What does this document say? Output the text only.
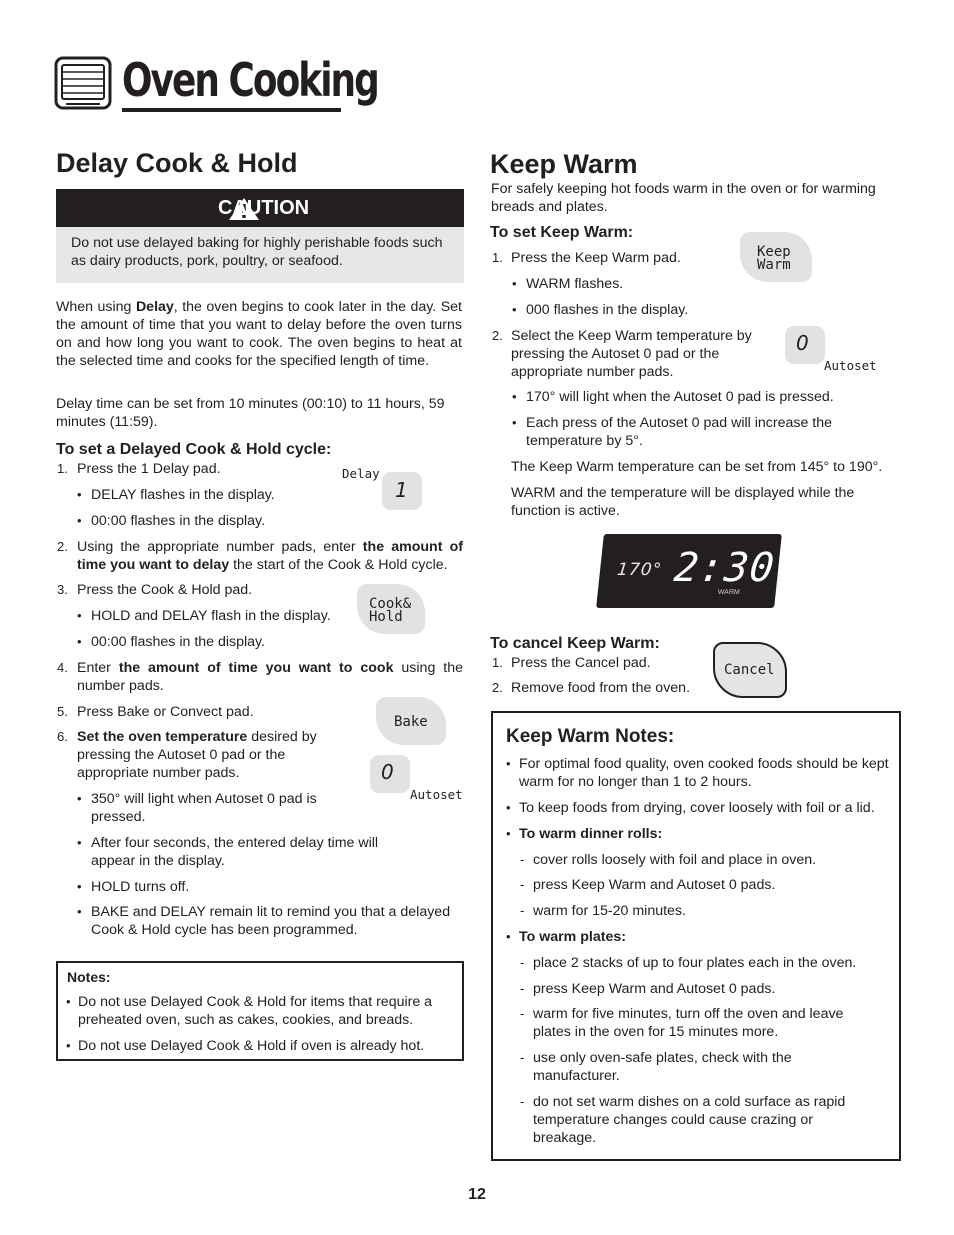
Oven Cooking
Delay Cook & Hold
CAUTION

Do not use delayed baking for highly perishable foods such as dairy products, pork, poultry, or seafood.

When using Delay, the oven begins to cook later in the day. Set the amount of time that you want to delay before the oven turns on and how long you want to cook. The oven begins to heat at the selected time and cooks for the specified length of time.

Delay time can be set from 10 minutes (00:10) to 11 hours, 59 minutes (11:59).

To set a Delayed Cook & Hold cycle:
1. Press the 1 Delay pad.

• DELAY flashes in the display.

• 00:00 flashes in the display.

2. Using the appropriate number pads, enter the amount of time you want to delay the start of the Cook & Hold cycle.

3. Press the Cook & Hold pad.

• HOLD and DELAY flash in the display.

• 00:00 flashes in the display.

4. Enter the amount of time you want to cook using the number pads.

5. Press Bake or Convect pad.

6. Set the oven temperature desired by pressing the Autoset 0 pad or the appropriate number pads.

• 350° will light when Autoset 0 pad is pressed.

• After four seconds, the entered delay time will appear in the display.

• HOLD turns off.

• BAKE and DELAY remain lit to remind you that a delayed Cook & Hold cycle has been programmed.

Delay
1
Cook&
Hold
Bake
0
Autoset
Notes:
• Do not use Delayed Cook & Hold for items that require a preheated oven, such as cakes, cookies, and breads.

• Do not use Delayed Cook & Hold if oven is already hot.

Keep Warm

For safely keeping hot foods warm in the oven or for warming breads and plates.

To set Keep Warm:
1. Press the Keep Warm pad.

• WARM flashes.

• 000 flashes in the display.

2. Select the Keep Warm temperature by pressing the Autoset 0 pad or the appropriate number pads.

• 170° will light when the Autoset 0 pad is pressed.

• Each press of the Autoset 0 pad will increase the temperature by 5°.

The Keep Warm temperature can be set from 145° to 190°.

WARM and the temperature will be displayed while the function is active.

Keep
Warm
0
Autoset
170° 2:30
WARM
To cancel Keep Warm:
1. Press the Cancel pad.

2. Remove food from the oven.

Cancel
Keep Warm Notes:
• For optimal food quality, oven cooked foods should be kept warm for no longer than 1 to 2 hours.

• To keep foods from drying, cover loosely with foil or a lid.

• To warm dinner rolls:

- cover rolls loosely with foil and place in oven.

- press Keep Warm and Autoset 0 pads.

- warm for 15-20 minutes.

• To warm plates:

- place 2 stacks of up to four plates each in the oven.

- press Keep Warm and Autoset 0 pads.

- warm for five minutes, turn off the oven and leave plates in the oven for 15 minutes more.

- use only oven-safe plates, check with the manufacturer.

- do not set warm dishes on a cold surface as rapid temperature changes could cause crazing or breakage.

12
